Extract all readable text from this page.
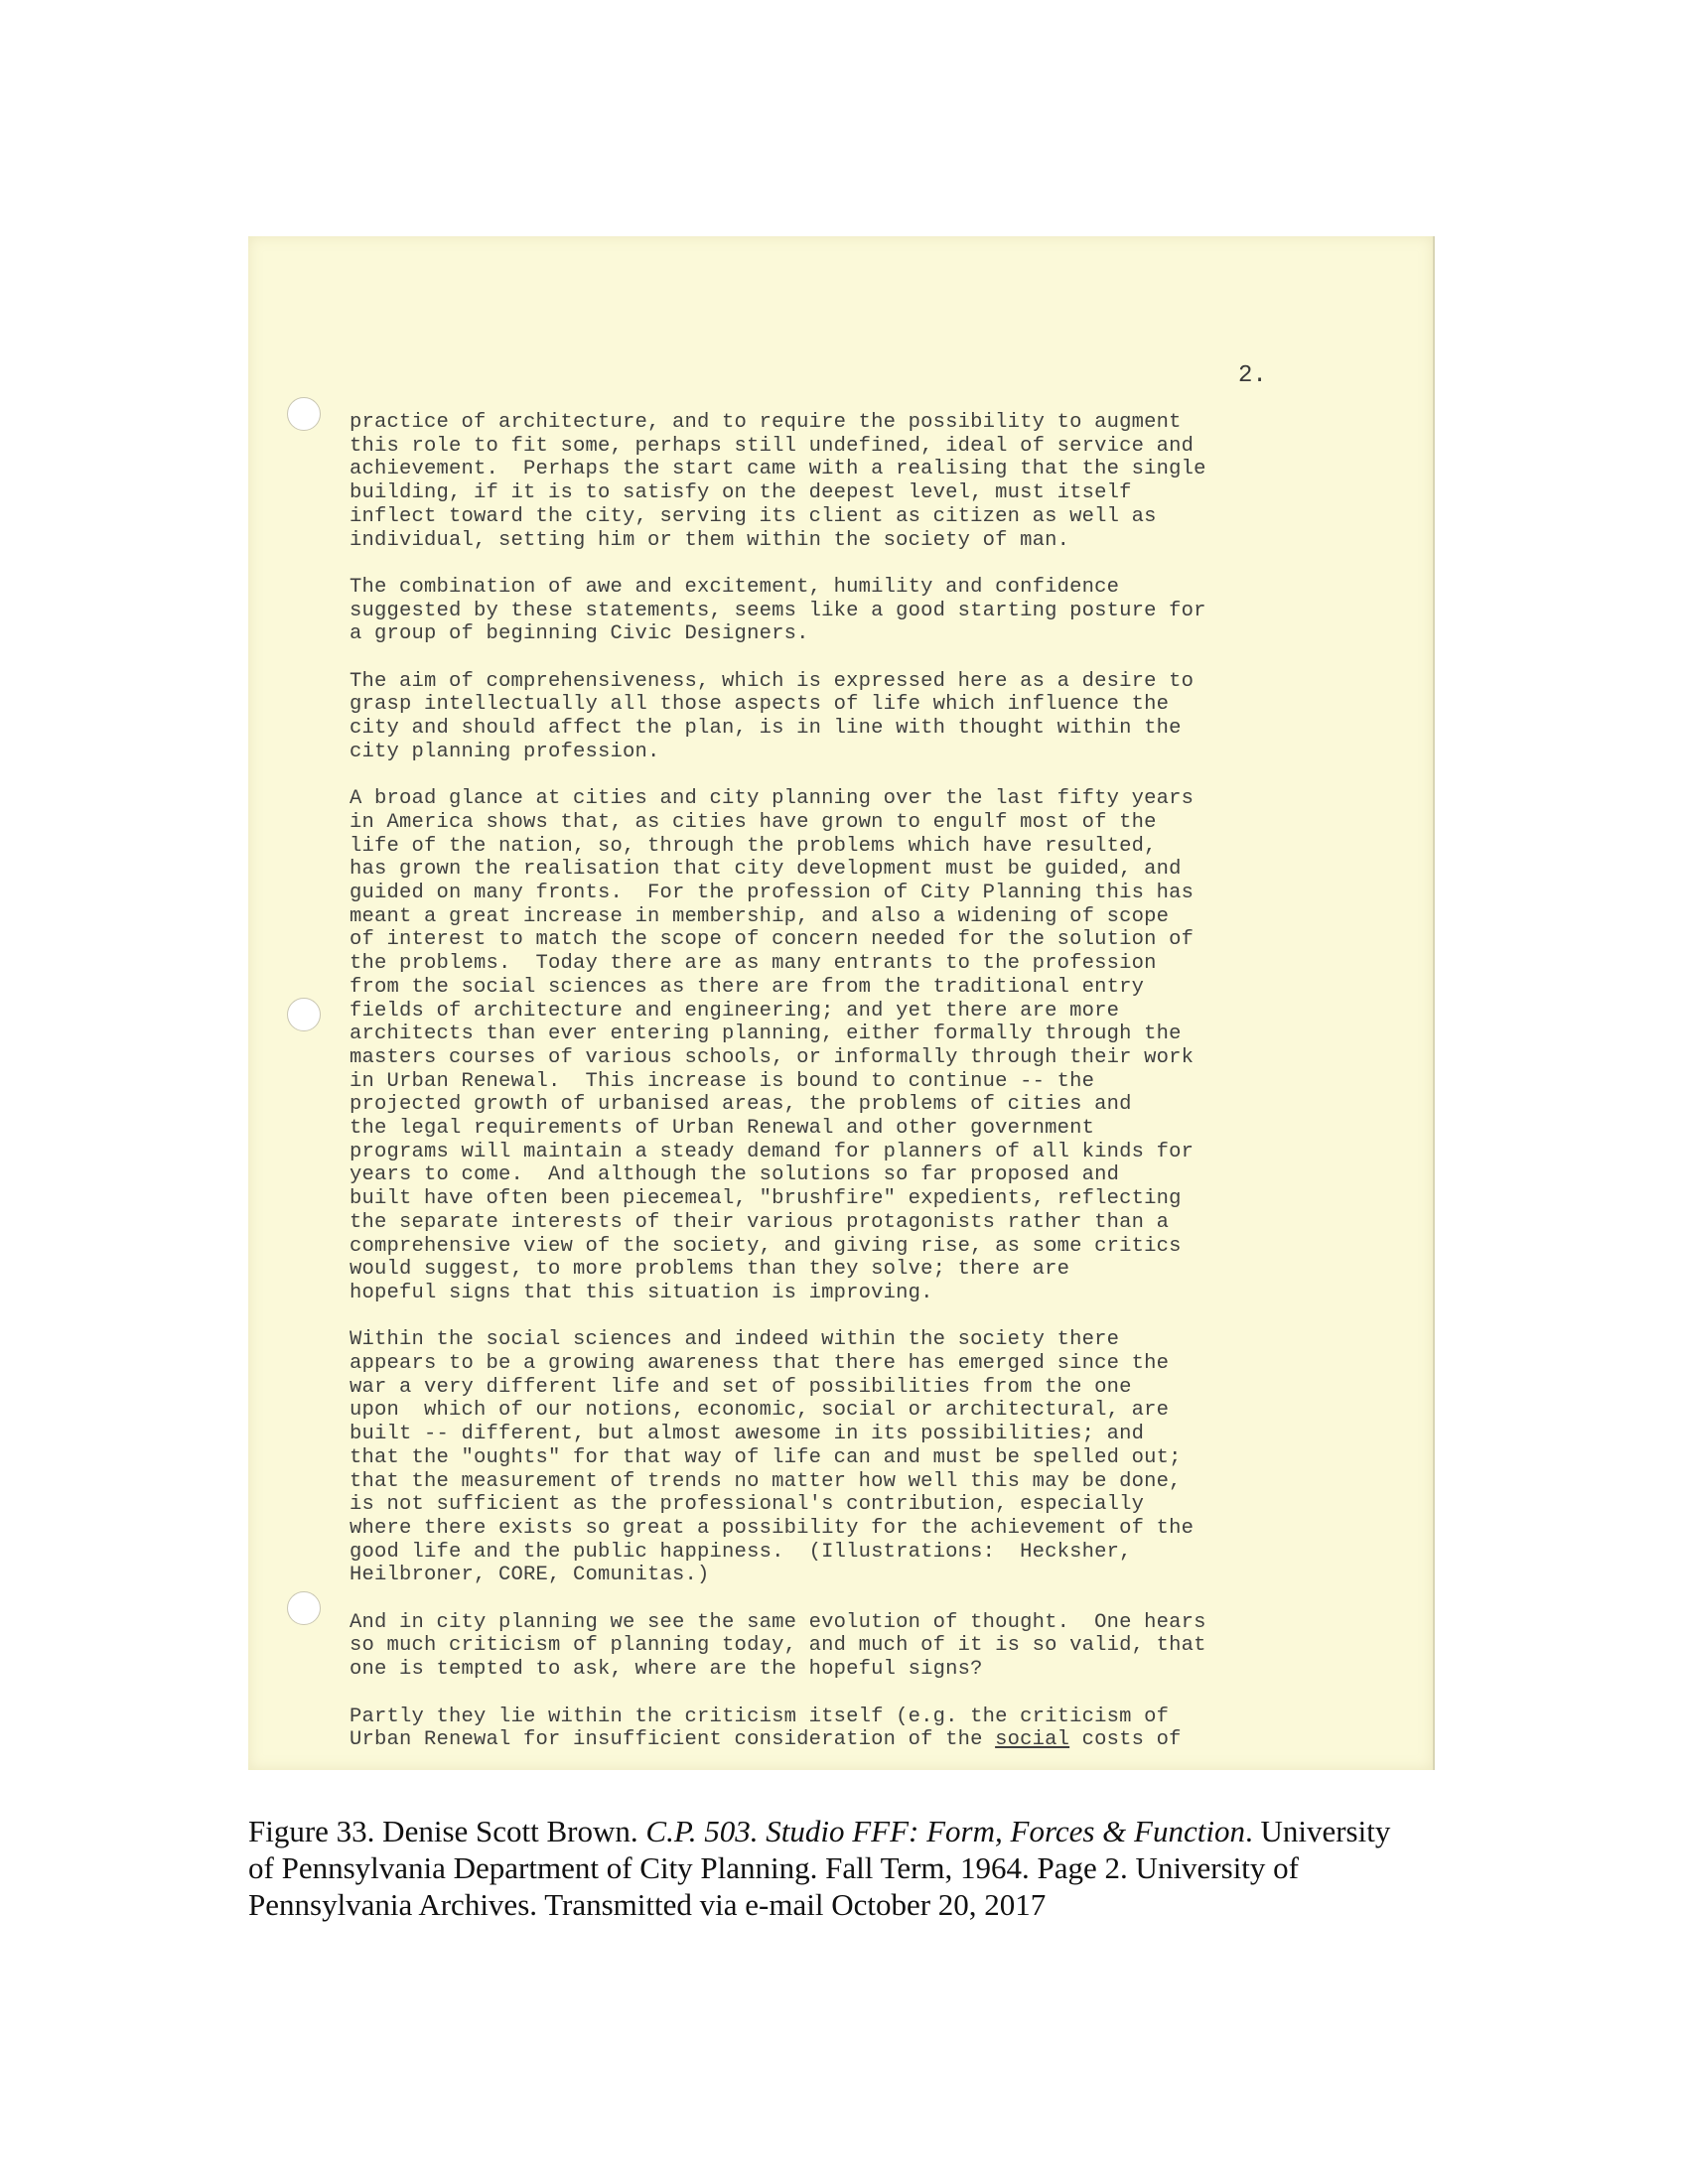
2.

practice of architecture, and to require the possibility to augment
this role to fit some, perhaps still undefined, ideal of service and
achievement.  Perhaps the start came with a realising that the single
building, if it is to satisfy on the deepest level, must itself
inflect toward the city, serving its client as citizen as well as
individual, setting him or them within the society of man.
The combination of awe and excitement, humility and confidence
suggested by these statements, seems like a good starting posture for
a group of beginning Civic Designers.
The aim of comprehensiveness, which is expressed here as a desire to
grasp intellectually all those aspects of life which influence the
city and should affect the plan, is in line with thought within the
city planning profession.
A broad glance at cities and city planning over the last fifty years
in America shows that, as cities have grown to engulf most of the
life of the nation, so, through the problems which have resulted,
has grown the realisation that city development must be guided, and
guided on many fronts.  For the profession of City Planning this has
meant a great increase in membership, and also a widening of scope
of interest to match the scope of concern needed for the solution of
the problems.  Today there are as many entrants to the profession
from the social sciences as there are from the traditional entry
fields of architecture and engineering; and yet there are more
architects than ever entering planning, either formally through the
masters courses of various schools, or informally through their work
in Urban Renewal.  This increase is bound to continue -- the
projected growth of urbanised areas, the problems of cities and
the legal requirements of Urban Renewal and other government
programs will maintain a steady demand for planners of all kinds for
years to come.  And although the solutions so far proposed and
built have often been piecemeal, "brushfire" expedients, reflecting
the separate interests of their various protagonists rather than a
comprehensive view of the society, and giving rise, as some critics
would suggest, to more problems than they solve; there are
hopeful signs that this situation is improving.
Within the social sciences and indeed within the society there
appears to be a growing awareness that there has emerged since the
war a very different life and set of possibilities from the one
upon  which of our notions, economic, social or architectural, are
built -- different, but almost awesome in its possibilities; and
that the "oughts" for that way of life can and must be spelled out;
that the measurement of trends no matter how well this may be done,
is not sufficient as the professional's contribution, especially
where there exists so great a possibility for the achievement of the
good life and the public happiness.  (Illustrations:  Hecksher,
Heilbroner, CORE, Comunitas.)
And in city planning we see the same evolution of thought.  One hears
so much criticism of planning today, and much of it is so valid, that
one is tempted to ask, where are the hopeful signs?
Partly they lie within the criticism itself (e.g. the criticism of
Urban Renewal for insufficient consideration of the social costs of

Figure 33. Denise Scott Brown. C.P. 503. Studio FFF: Form, Forces & Function. University of Pennsylvania Department of City Planning. Fall Term, 1964. Page 2. University of Pennsylvania Archives. Transmitted via e-mail October 20, 2017
